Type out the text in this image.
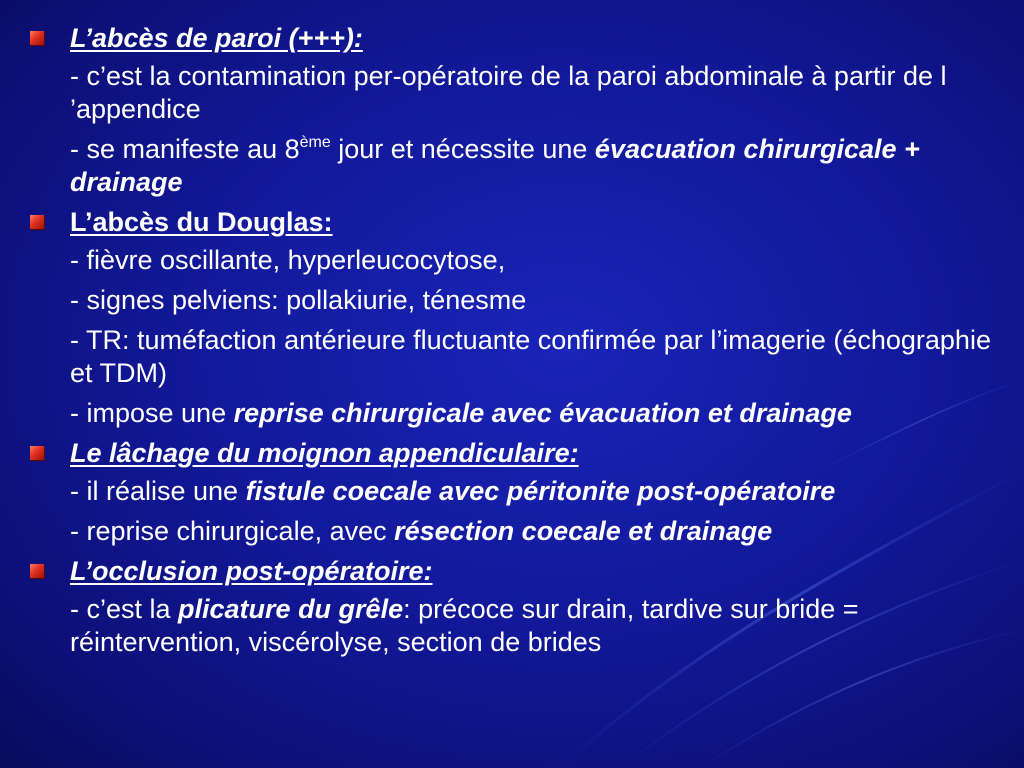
L’abcès de paroi (+++):
- c’est la contamination per-opératoire de la paroi abdominale à partir de l ’appendice
- se manifeste au 8ème jour et nécessite une évacuation chirurgicale + drainage
L’abcès du Douglas:
- fièvre oscillante, hyperleucocytose,
- signes pelviens: pollakiurie, ténesme
- TR: tuméfaction antérieure fluctuante confirmée par l’imagerie (échographie et TDM)
- impose une reprise chirurgicale avec évacuation et drainage
Le lâchage du moignon appendiculaire:
- il réalise une fistule coecale avec péritonite post-opératoire
- reprise chirurgicale, avec résection coecale et drainage
L’occlusion post-opératoire:
- c’est la plicature du grêle: précoce sur drain, tardive sur bride = réintervention, viscérolyse, section de brides
